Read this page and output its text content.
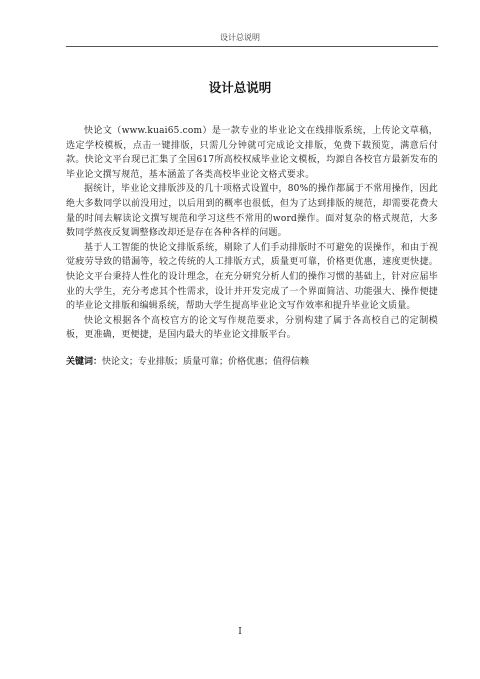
设计总说明
设计总说明

快论文（www.kuai65.com）是一款专业的毕业论文在线排版系统，上传论文草稿，选定学校模板，点击一键排版，只需几分钟就可完成论文排版，免费下载预览，满意后付款。快论文平台现已汇集了全国617所高校权威毕业论文模板，均源自各校官方最新发布的毕业论文撰写规范，基本涵盖了各类高校毕业论文格式要求。

据统计，毕业论文排版涉及的几十项格式设置中，80%的操作都属于不常用操作，因此绝大多数同学以前没用过，以后用到的概率也很低，但为了达到排版的规范，却需要花费大量的时间去解读论文撰写规范和学习这些不常用的word操作。面对复杂的格式规范，大多数同学熬夜反复调整修改却还是存在各种各样的问题。

基于人工智能的快论文排版系统，剔除了人们手动排版时不可避免的误操作，和由于视觉疲劳导致的错漏等，较之传统的人工排版方式，质量更可靠，价格更优惠，速度更快捷。快论文平台秉持人性化的设计理念，在充分研究分析人们的操作习惯的基础上，针对应届毕业的大学生，充分考虑其个性需求，设计并开发完成了一个界面简洁、功能强大、操作便捷的毕业论文排版和编辑系统，帮助大学生提高毕业论文写作效率和提升毕业论文质量。

快论文根据各个高校官方的论文写作规范要求，分别构建了属于各高校自己的定制模板，更准确，更便捷，是国内最大的毕业论文排版平台。

关键词：快论文；专业排版；质量可靠；价格优惠；值得信赖

I
